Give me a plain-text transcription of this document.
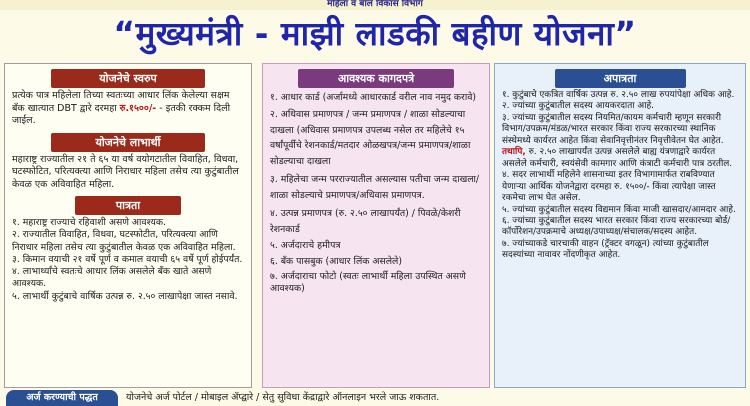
महिला व बाल विकास विभाग
“मुख्यमंत्री - माझी लाडकी बहीण योजना”
योजनेचे स्वरुप

प्रत्येक पात्र महिलेला तिच्या स्वतःच्या आधार लिंक केलेल्या सक्षम बँक खात्यात DBT द्वारे दरमहा रु.१५००/- - इतकी रक्कम दिली जाईल.

योजनेचे लाभार्थी

महाराष्ट्र राज्यातील २१ ते ६५ या वर्ष वयोगटातील विवाहित, विधवा, घटस्फोटित, परित्यक्त्या आणि निराधार महिला तसेच त्या कुटुंबातील केवळ एक अविवाहित महिला.

पात्रता
१. महाराष्ट्र राज्याचे रहिवाशी असणे आवश्यक.
२. राज्यातील विवाहित, विधवा, घटस्फोटीत, परित्यक्त्या आणि निराधार महिला तसेच त्या कुटुंबातील केवळ एक अविवाहित महिला.
३. किमान वयाची २१ वर्षे पूर्ण व कमाल वयाची ६५ वर्षे पूर्ण होईपर्यंत.
४. लाभार्थ्यांचे स्वतःचे आधार लिंक असलेले बँक खाते असणे आवश्यक.
५. लाभार्थी कुटुंबाचे वार्षिक उत्पन्न रु. २.५० लाखापेक्षा जास्त नसावे.
आवश्यक कागदपत्रे
१. आधार कार्ड (अर्जामध्ये आधारकार्ड वरील नाव नमुद करावे)
२. अधिवास प्रमाणपत्र / जन्म प्रमाणपत्र / शाळा सोडल्याचा दाखला (अधिवास प्रमाणपत्र उपलब्ध नसेल तर महिलेचे १५ वर्षांपूर्वीचे रेशनकार्ड/मतदार ओळखपत्र/जन्म प्रमाणपत्र/शाळा सोडल्याचा दाखला
३. महिलेचा जन्म परराज्यातील असल्यास पतीचा जन्म दाखला/शाळा सोडल्याचे प्रमाणपत्र/अधिवास प्रमाणपत्र.
४. उत्पन्न प्रमाणपत्र (रु. २.५० लाखापर्यंत) / पिवळे/केशरी रेशनकार्ड
५. अर्जदाराचे हमीपत्र
६. बँक पासबुक (आधार लिंक असलेले)
७. अर्जदाराचा फोटो (स्वतः लाभार्थी महिला उपस्थित असणे आवश्यक)
अपात्रता
१. कुटुंबाचे एकत्रित वार्षिक उत्पन्न रु. २.५० लाख रुपयांपेक्षा अधिक आहे.
२. ज्यांच्या कुटुंबातील सदस्य आयकरदाता आहे.
३. ज्यांच्या कुटुंबातील सदस्य नियमित/कायम कर्मचारी म्हणून सरकारी विभाग/उपक्रम/मंडळ/भारत सरकार किंवा राज्य सरकारच्या स्थानिक संस्थेमध्ये कार्यरत आहेत किंवा सेवानिवृत्तीनंतर निवृत्तीवेतन घेत आहेत. तथापि, रु. २.५० लाखापर्यंत उत्पन्न असलेले बाह्य यंत्रणाद्वारे कार्यरत असलेले कर्मचारी, स्वयंसेवी कामगार आणि कंत्राटी कर्मचारी पात्र ठरतील.
४. सदर लाभार्थी महिलेने शासनाच्या इतर विभागामार्फत राबविण्यात येणाऱ्या आर्थिक योजनेद्वारा दरमहा रु. १५००/- किंवा त्यापेक्षा जास्त रकमेचा लाभ घेत असेल.
५. ज्यांच्या कुटुंबातील सदस्य विद्यमान किंवा माजी खासदार/आमदार आहे.
६. ज्यांच्या कुटुंबातील सदस्य भारत सरकार किंवा राज्य सरकारच्या बोर्ड/कॉर्पोरेशन/उपक्रमाचे अध्यक्ष/उपाध्यक्ष/संचालक/सदस्य आहेत.
७. ज्यांच्याकडे चारचाकी वाहन (ट्रॅक्टर वगळून) त्यांच्या कुटुंबातील सदस्यांच्या नावावर नोंदणीकृत आहेत.
अर्ज करण्याची पद्धत	योजनेचे अर्ज पोर्टल / मोबाइल ॲप्द्वारे / सेतु सुविधा केंद्राद्वारे ऑनलाइन भरले जाऊ शकतात.
